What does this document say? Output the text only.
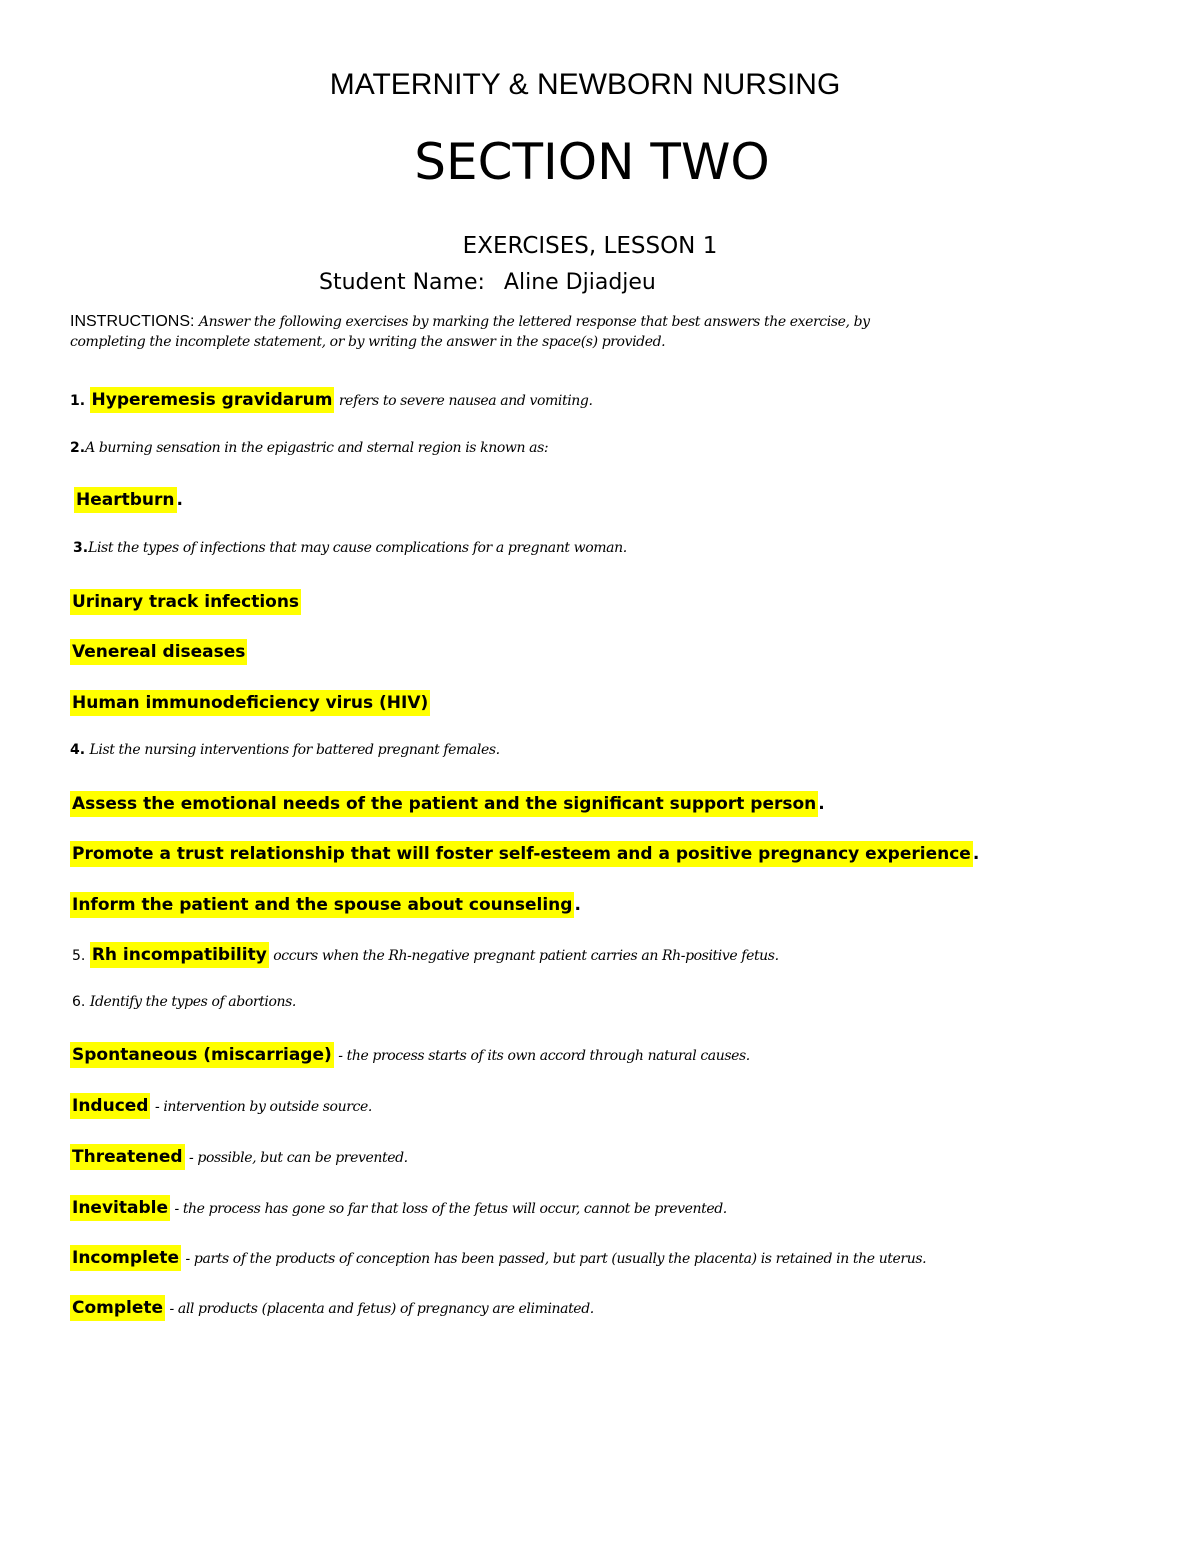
MATERNITY & NEWBORN NURSING
SECTION TWO
EXERCISES, LESSON 1
Student Name: Aline Djiadjeu
INSTRUCTIONS: Answer the following exercises by marking the lettered response that best answers the exercise, by
completing the incomplete statement, or by writing the answer in the space(s) provided.
1. Hyperemesis gravidarum refers to severe nausea and vomiting.
2.A burning sensation in the epigastric and sternal region is known as:
Heartburn .
3.List the types of infections that may cause complications for a pregnant woman.
Urinary track infections
Venereal diseases
Human immunodeficiency virus (HIV)
4. List the nursing interventions for battered pregnant females.
Assess the emotional needs of the patient and the significant support person .
Promote a trust relationship that will foster self-esteem and a positive pregnancy experience .
Inform the patient and the spouse about counseling .
5. Rh incompatibility occurs when the Rh-negative pregnant patient carries an Rh-positive fetus.
6. Identify the types of abortions.
Spontaneous (miscarriage) - the process starts of its own accord through natural causes.
Induced - intervention by outside source.
Threatened - possible, but can be prevented.
Inevitable - the process has gone so far that loss of the fetus will occur, cannot be prevented.
Incomplete - parts of the products of conception has been passed, but part (usually the placenta) is retained in the uterus.
Complete - all products (placenta and fetus) of pregnancy are eliminated.
